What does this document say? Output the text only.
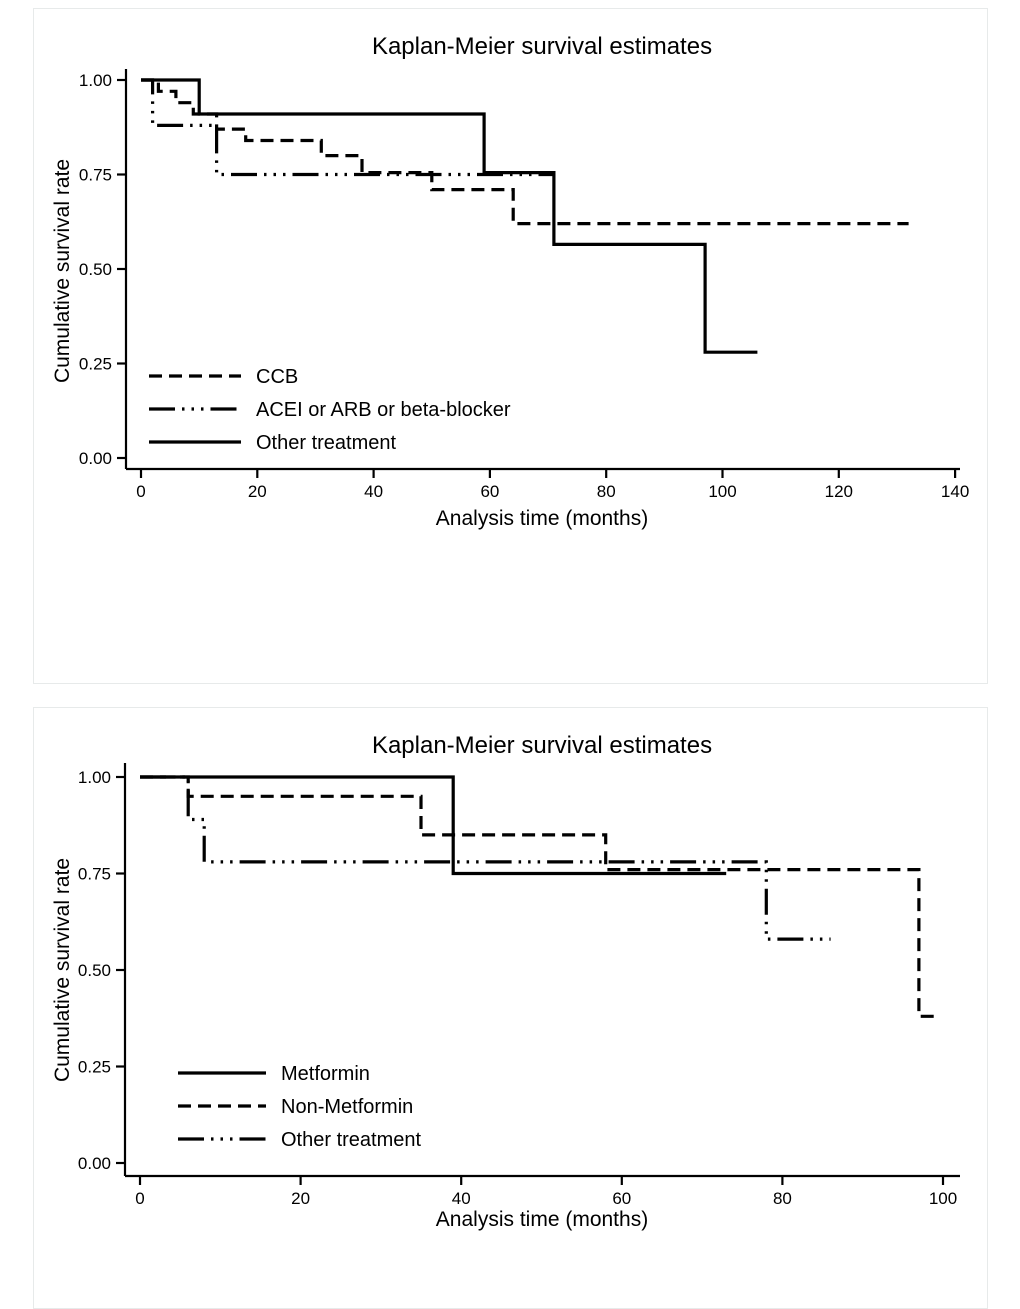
Kaplan-Meier survival estimates
Cumulative survival rate
0.00
0.25
0.50
0.75
1.00
0	20	40	60	80	100	120	140
CCB
ACEI or ARB or beta-blocker
Other treatment
Analysis time (months)
Kaplan-Meier survival estimates
Cumulative survival rate
0.00
0.25
0.50
0.75
1.00
0	20	40	60	80	100
Metformin
Non-Metformin
Other treatment
Analysis time (months)
